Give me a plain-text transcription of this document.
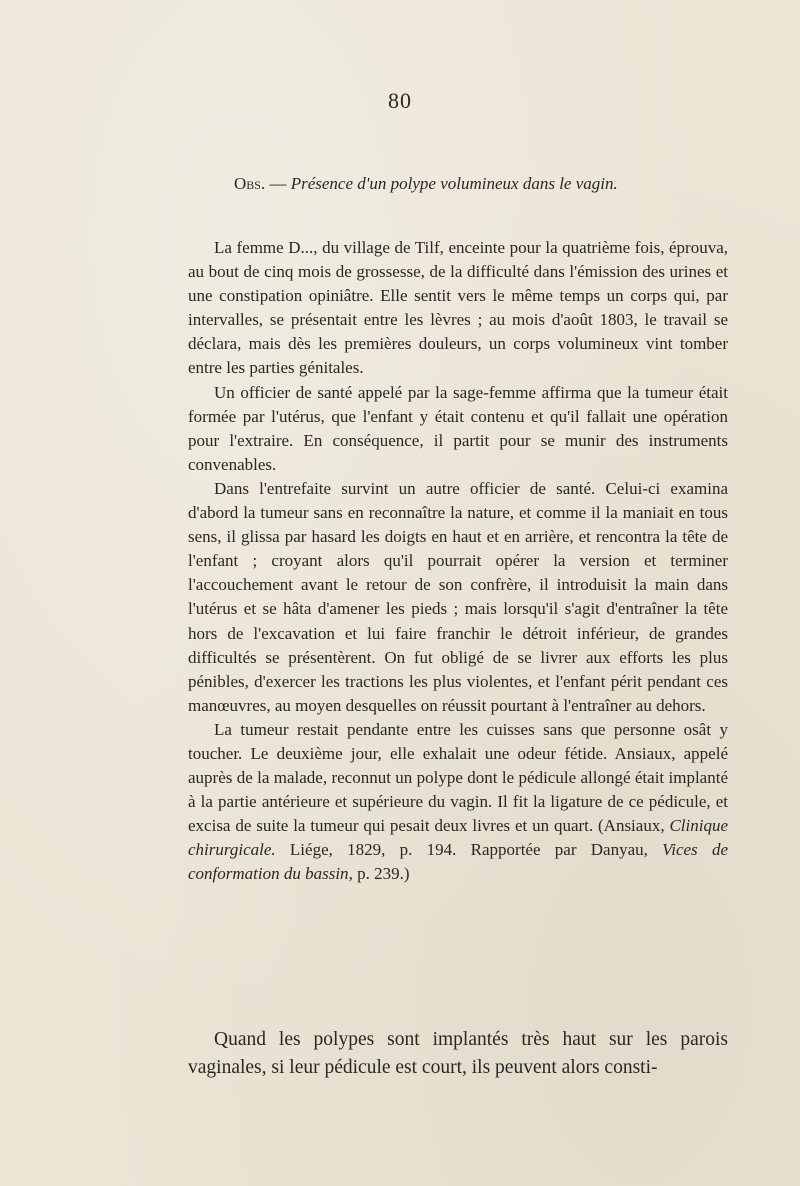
80
Obs. — Présence d'un polype volumineux dans le vagin.

La femme D..., du village de Tilf, enceinte pour la quatrième fois, éprouva, au bout de cinq mois de grossesse, de la difficulté dans l'émission des urines et une constipation opiniâtre. Elle sentit vers le même temps un corps qui, par intervalles, se présentait entre les lèvres ; au mois d'août 1803, le travail se déclara, mais dès les premières douleurs, un corps volumineux vint tomber entre les parties génitales.

Un officier de santé appelé par la sage-femme affirma que la tumeur était formée par l'utérus, que l'enfant y était contenu et qu'il fallait une opération pour l'extraire. En conséquence, il partit pour se munir des instruments convenables.

Dans l'entrefaite survint un autre officier de santé. Celui-ci examina d'abord la tumeur sans en reconnaître la nature, et comme il la maniait en tous sens, il glissa par hasard les doigts en haut et en arrière, et rencontra la tête de l'enfant ; croyant alors qu'il pourrait opérer la version et terminer l'accouchement avant le retour de son confrère, il introduisit la main dans l'utérus et se hâta d'amener les pieds ; mais lorsqu'il s'agit d'entraîner la tête hors de l'excavation et lui faire franchir le détroit inférieur, de grandes difficultés se présentèrent. On fut obligé de se livrer aux efforts les plus pénibles, d'exercer les tractions les plus violentes, et l'enfant périt pendant ces manœuvres, au moyen desquelles on réussit pourtant à l'entraîner au dehors.

La tumeur restait pendante entre les cuisses sans que personne osât y toucher. Le deuxième jour, elle exhalait une odeur fétide. Ansiaux, appelé auprès de la malade, reconnut un polype dont le pédicule allongé était implanté à la partie antérieure et supérieure du vagin. Il fit la ligature de ce pédicule, et excisa de suite la tumeur qui pesait deux livres et un quart. (Ansiaux, Clinique chirurgicale. Liége, 1829, p. 194. Rapportée par Danyau, Vices de conformation du bassin, p. 239.)

Quand les polypes sont implantés très haut sur les parois vaginales, si leur pédicule est court, ils peuvent alors consti-
